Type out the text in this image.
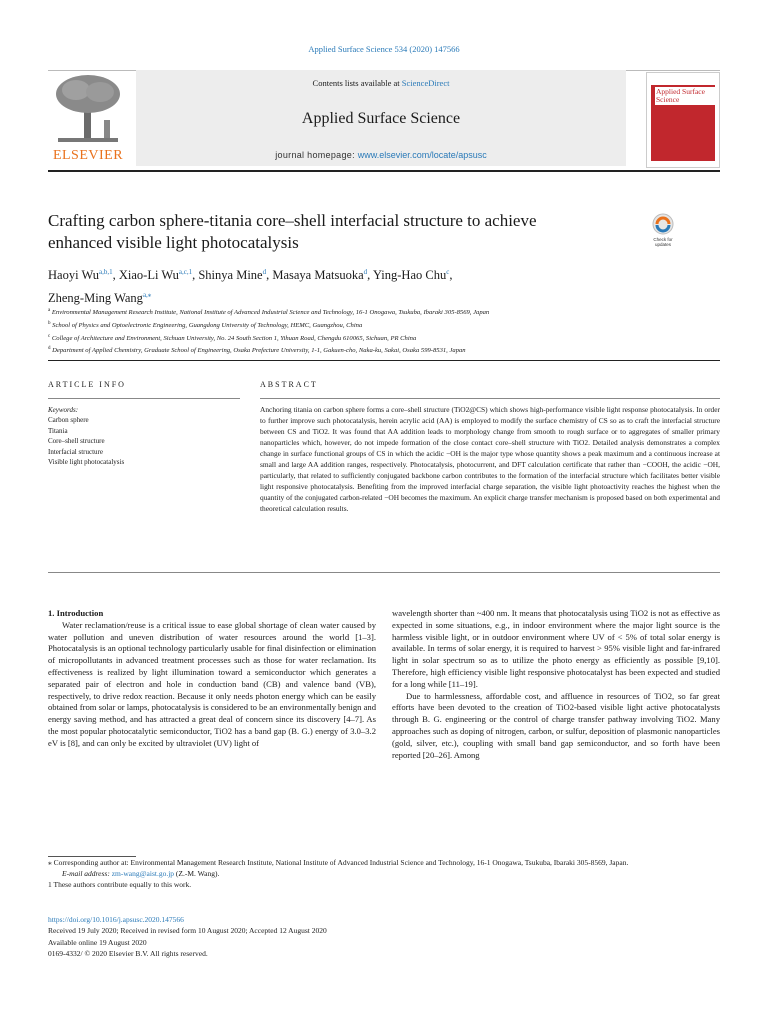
Applied Surface Science 534 (2020) 147566
ELSEVIER
Contents lists available at ScienceDirect
Applied Surface Science
journal homepage: www.elsevier.com/locate/apsusc
Applied Surface Science
Crafting carbon sphere-titania core–shell interfacial structure to achieve
enhanced visible light photocatalysis	Check for
updates
Haoyi Wu$^{a,b,1}$, Xiao-Li Wu$^{a,c,1}$, Shinya Mine$^d$, Masaya Matsuoka$^d$, Ying-Hao Chu$^c$,
Zheng-Ming Wang$^{a,⁎}$
$^a$ Environmental Management Research Institute, National Institute of Advanced Industrial Science and Technology, 16-1 Onogawa, Tsukuba, Ibaraki 305-8569, Japan
$^b$ School of Physics and Optoelectronic Engineering, Guangdong University of Technology, HEMC, Guangzhou, China
$^c$ College of Architecture and Environment, Sichuan University, No. 24 South Section 1, Yihuan Road, Chengdu 610065, Sichuan, PR China
$^d$ Department of Applied Chemistry, Graduate School of Engineering, Osaka Prefecture University, 1-1, Gakuen-cho, Naka-ku, Sakai, Osaka 599-8531, Japan
ARTICLE INFO	ABSTRACT
Keywords:
Carbon sphere
Titania
Core–shell structure
Interfacial structure
Visible light photocatalysis
Anchoring titania on carbon sphere forms a core–shell structure (TiO2@CS) which shows high-performance visible light response photocatalysis. In order to further improve such photocatalysis, herein acrylic acid (AA) is employed to modify the surface chemistry of CS so as to craft the interfacial structure between CS and TiO2. It was found that AA addition leads to morphology change from smooth to rough surface or to aggregates of smaller primary nanoparticles which, however, do not impede formation of the close contact core–shell structure with TiO2. Detailed analysis demonstrates a complex change in surface functional groups of CS in which the acidic −OH is the major type whose quantity shows a peak maximum and a continuous increase at small and large AA addition ranges, respectively. Photocatalysis, photocurrent, and DFT calculation certificate that rather than −COOH, the acidic −OH, particularly, that related to sufficiently conjugated backbone carbon contributes to the formation of the interfacial structure which facilitates better visible light responsive photocatalysis. Benefiting from the improved interfacial charge separation, the visible light photoactivity reaches the highest when the quantity of the conjugated carbon-related −OH becomes the maximum. An explicit charge transfer mechanism is proposed based on both experimental and theoretical calculation results.

1. Introduction

Water reclamation/reuse is a critical issue to ease global shortage of clean water caused by water pollution and uneven distribution of water resources around the world [1–3]. Photocatalysis is an optional technology particularly usable for final disinfection or elimination of micropollutants in advanced treatment processes such as those for water reclamation. Its effectiveness is realized by light illumination toward a semiconductor which generates a separated pair of electron and hole in conduction band (CB) and valence band (VB), respectively, to drive redox reaction. Because it only needs photon energy which can be easily obtained from solar or lamps, photocatalysis is considered to be an environmentally benign and energy saving method, and has attracted a great deal of concern since its discovery [4–7]. As the most popular photocatalytic semiconductor, TiO2 has a band gap (B. G.) energy of 3.0–3.2 eV is [8], and can only be excited by ultraviolet (UV) light of

wavelength shorter than ~400 nm. It means that photocatalysis using TiO2 is not as effective as expected in some situations, e.g., in indoor environment where the major light source is the harmless visible light, or in outdoor environment where UV of < 5% of total solar energy is available. In terms of solar energy, it is required to harvest > 95% visible light and far-infrared light in solar spectrum so as to utilize the photo energy as efficiently as possible [9,10]. Therefore, high efficiency visible light responsive photocatalyst has been expected and studied for a long while [11–19].

Due to harmlessness, affordable cost, and affluence in resources of TiO2, so far great efforts have been devoted to the creation of TiO2-based visible light active photocatalysts through B. G. engineering or the control of charge transfer pathway involving TiO2. Many approaches such as doping of nitrogen, carbon, or sulfur, deposition of plasmonic nanoparticles (gold, silver, etc.), coupling with small band gap semiconductor, and so forth have been reported [20–26]. Among

⁎ Corresponding author at: Environmental Management Research Institute, National Institute of Advanced Industrial Science and Technology, 16-1 Onogawa, Tsukuba, Ibaraki 305-8569, Japan.

E-mail address: zm-wang@aist.go.jp (Z.-M. Wang).

1 These authors contribute equally to this work.

https://doi.org/10.1016/j.apsusc.2020.147566

Received 19 July 2020; Received in revised form 10 August 2020; Accepted 12 August 2020

Available online 19 August 2020

0169-4332/ © 2020 Elsevier B.V. All rights reserved.
